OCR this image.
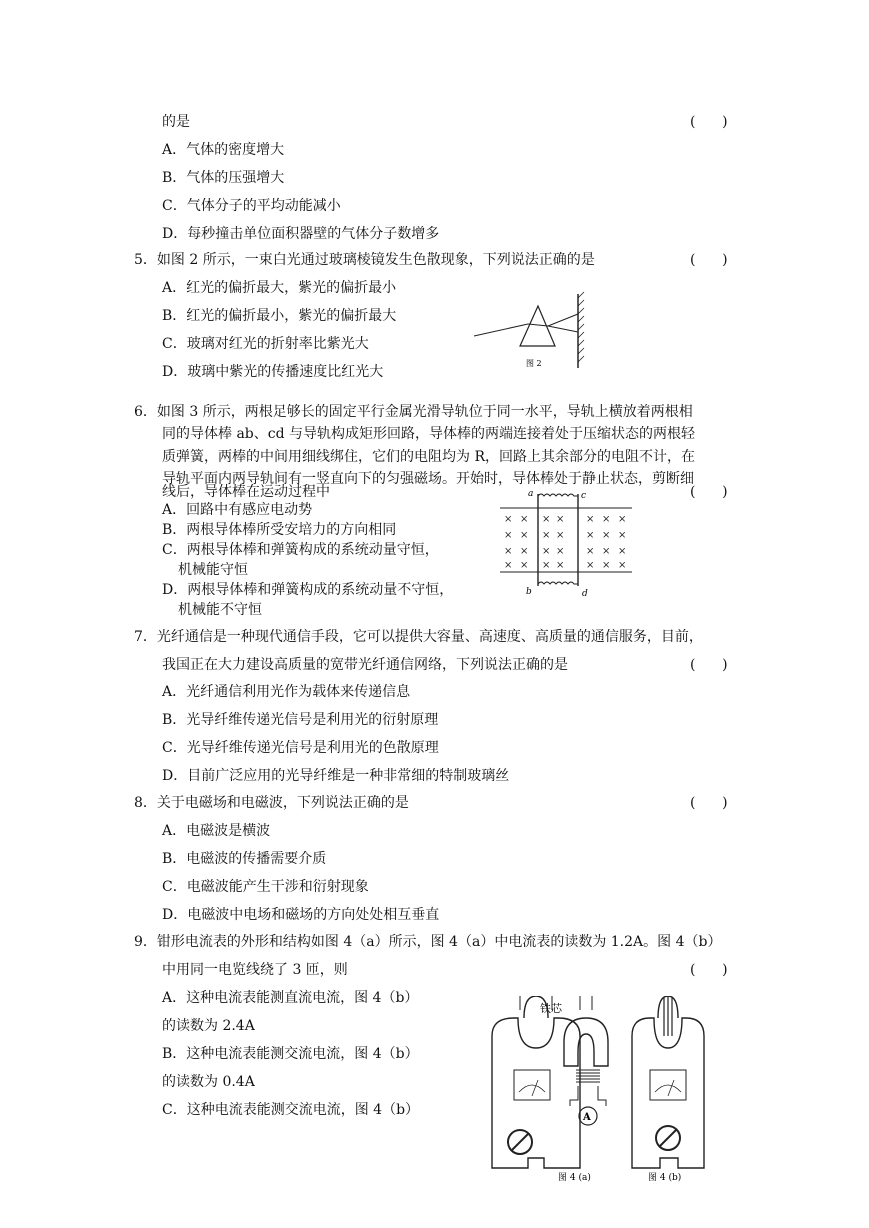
的是	(      )
A．气体的密度增大
B．气体的压强增大
C．气体分子的平均动能减小
D．每秒撞击单位面积器壁的气体分子数增多
5．如图 2 所示，一束白光通过玻璃棱镜发生色散现象，下列说法正确的是	(      )
A．红光的偏折最大，紫光的偏折最小
B．红光的偏折最小，紫光的偏折最大
C．玻璃对红光的折射率比紫光大
D．玻璃中紫光的传播速度比红光大
图 2
6．如图 3 所示，两根足够长的固定平行金属光滑导轨位于同一水平，导轨上横放着两根相
同的导体棒 ab、cd 与导轨构成矩形回路，导体棒的两端连接着处于压缩状态的两根轻
质弹簧，两棒的中间用细线绑住，它们的电阻均为 R，回路上其余部分的电阻不计，在
导轨平面内两导轨间有一竖直向下的匀强磁场。开始时，导体棒处于静止状态，剪断细
线后，导体棒在运动过程中	(      )
A．回路中有感应电动势
B．两根导体棒所受安培力的方向相同
C．两根导体棒和弹簧构成的系统动量守恒，
机械能守恒
D．两根导体棒和弹簧构成的系统动量不守恒，
机械能不守恒
× × × × × × ×
× × × × × × ×
× × × × × × ×
× × × × × × ×
a	c
b	d
7．光纤通信是一种现代通信手段，它可以提供大容量、高速度、高质量的通信服务，目前，
我国正在大力建设高质量的宽带光纤通信网络，下列说法正确的是	(      )
A．光纤通信利用光作为载体来传递信息
B．光导纤维传递光信号是利用光的衍射原理
C．光导纤维传递光信号是利用光的色散原理
D．目前广泛应用的光导纤维是一种非常细的特制玻璃丝
8．关于电磁场和电磁波，下列说法正确的是	(      )
A．电磁波是横波
B．电磁波的传播需要介质
C．电磁波能产生干涉和衍射现象
D．电磁波中电场和磁场的方向处处相互垂直
9．钳形电流表的外形和结构如图 4（a）所示，图 4（a）中电流表的读数为 1.2A。图 4（b）
中用同一电览线绕了 3 匝，则	(      )
A．这种电流表能测直流电流，图 4（b）
的读数为 2.4A
B．这种电流表能测交流电流，图 4（b）
的读数为 0.4A
C．这种电流表能测交流电流，图 4（b）	A
铁芯
图 4 (a)	图 4 (b)
